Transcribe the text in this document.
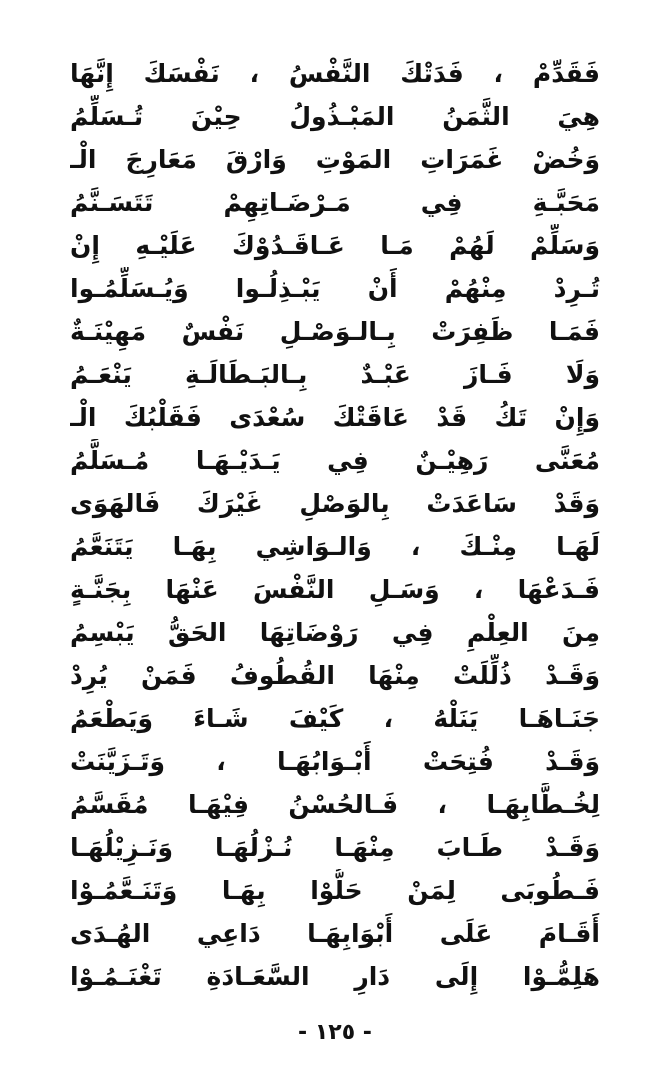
فَقَدِّمْ ، فَدَتْكَ النَّفْسُ ، نَفْسَكَ إِنَّهَا
هِيَ الثَّمَنُ المَبْـذُولُ حِيْنَ تُـسَلِّمُ
وَخُضْ غَمَرَاتِ المَوْتِ وَارْقَ مَعَارِجَ الْـ
مَحَبَّـةِ فِي مَـرْضَـاتِهِمْ تَتَسَـنَّمُ
وَسَلِّمْ لَهُمْ مَـا عَـاقَـدُوْكَ عَلَيْـهِ إِنْ
تُـرِدْ مِنْهُمْ أَنْ يَبْـذِلُـوا وَيُـسَلِّمُـوا
فَمَـا ظَفِرَتْ بِـالـوَصْـلِ نَفْسٌ مَهِيْنَـةٌ
وَلَا فَـازَ عَبْـدٌ بِـالبَـطَالَـةِ يَنْعَـمُ
وَإِنْ تَكُ قَدْ عَاقَتْكَ سُعْدَى فَقَلْبُكَ الْـ
مُعَنَّى رَهِيْـنٌ فِي يَـدَيْـهَـا مُـسَلَّمُ
وَقَدْ سَاعَدَتْ بِالوَصْلِ غَيْرَكَ فَالهَوَى
لَهَـا مِنْـكَ ، وَالـوَاشِي بِهَـا يَتَنَعَّمُ
فَـدَعْهَا ، وَسَـلِ النَّفْسَ عَنْهَا بِجَنَّـةٍ
مِنَ العِلْمِ فِي رَوْضَاتِهَا الحَقُّ يَبْسِمُ
وَقَـدْ ذُلِّلَتْ مِنْهَا القُطُوفُ فَمَنْ يُرِدْ
جَنَـاهَـا يَنَلْهُ ، كَيْفَ شَـاءَ وَيَطْعَمُ
وَقَـدْ فُتِحَتْ أَبْـوَابُهَـا ، وَتَـزَيَّنَتْ
لِخُـطَّابِهَـا ، فَـالحُسْنُ فِيْهَـا مُقَسَّمُ
وَقَـدْ طَـابَ مِنْهَـا نُـزْلُهَـا وَنَـزِيْلُهَـا
فَـطُوبَى لِمَنْ حَلُّوْا بِهَـا وَتَنَـعَّمُـوْا
أَقَـامَ عَلَى أَبْوَابِهَـا دَاعِي الهُـدَى
هَلِمُّـوْا إِلَى دَارِ السَّعَـادَةِ تَغْنَـمُـوْا
- ١٢٥ -
